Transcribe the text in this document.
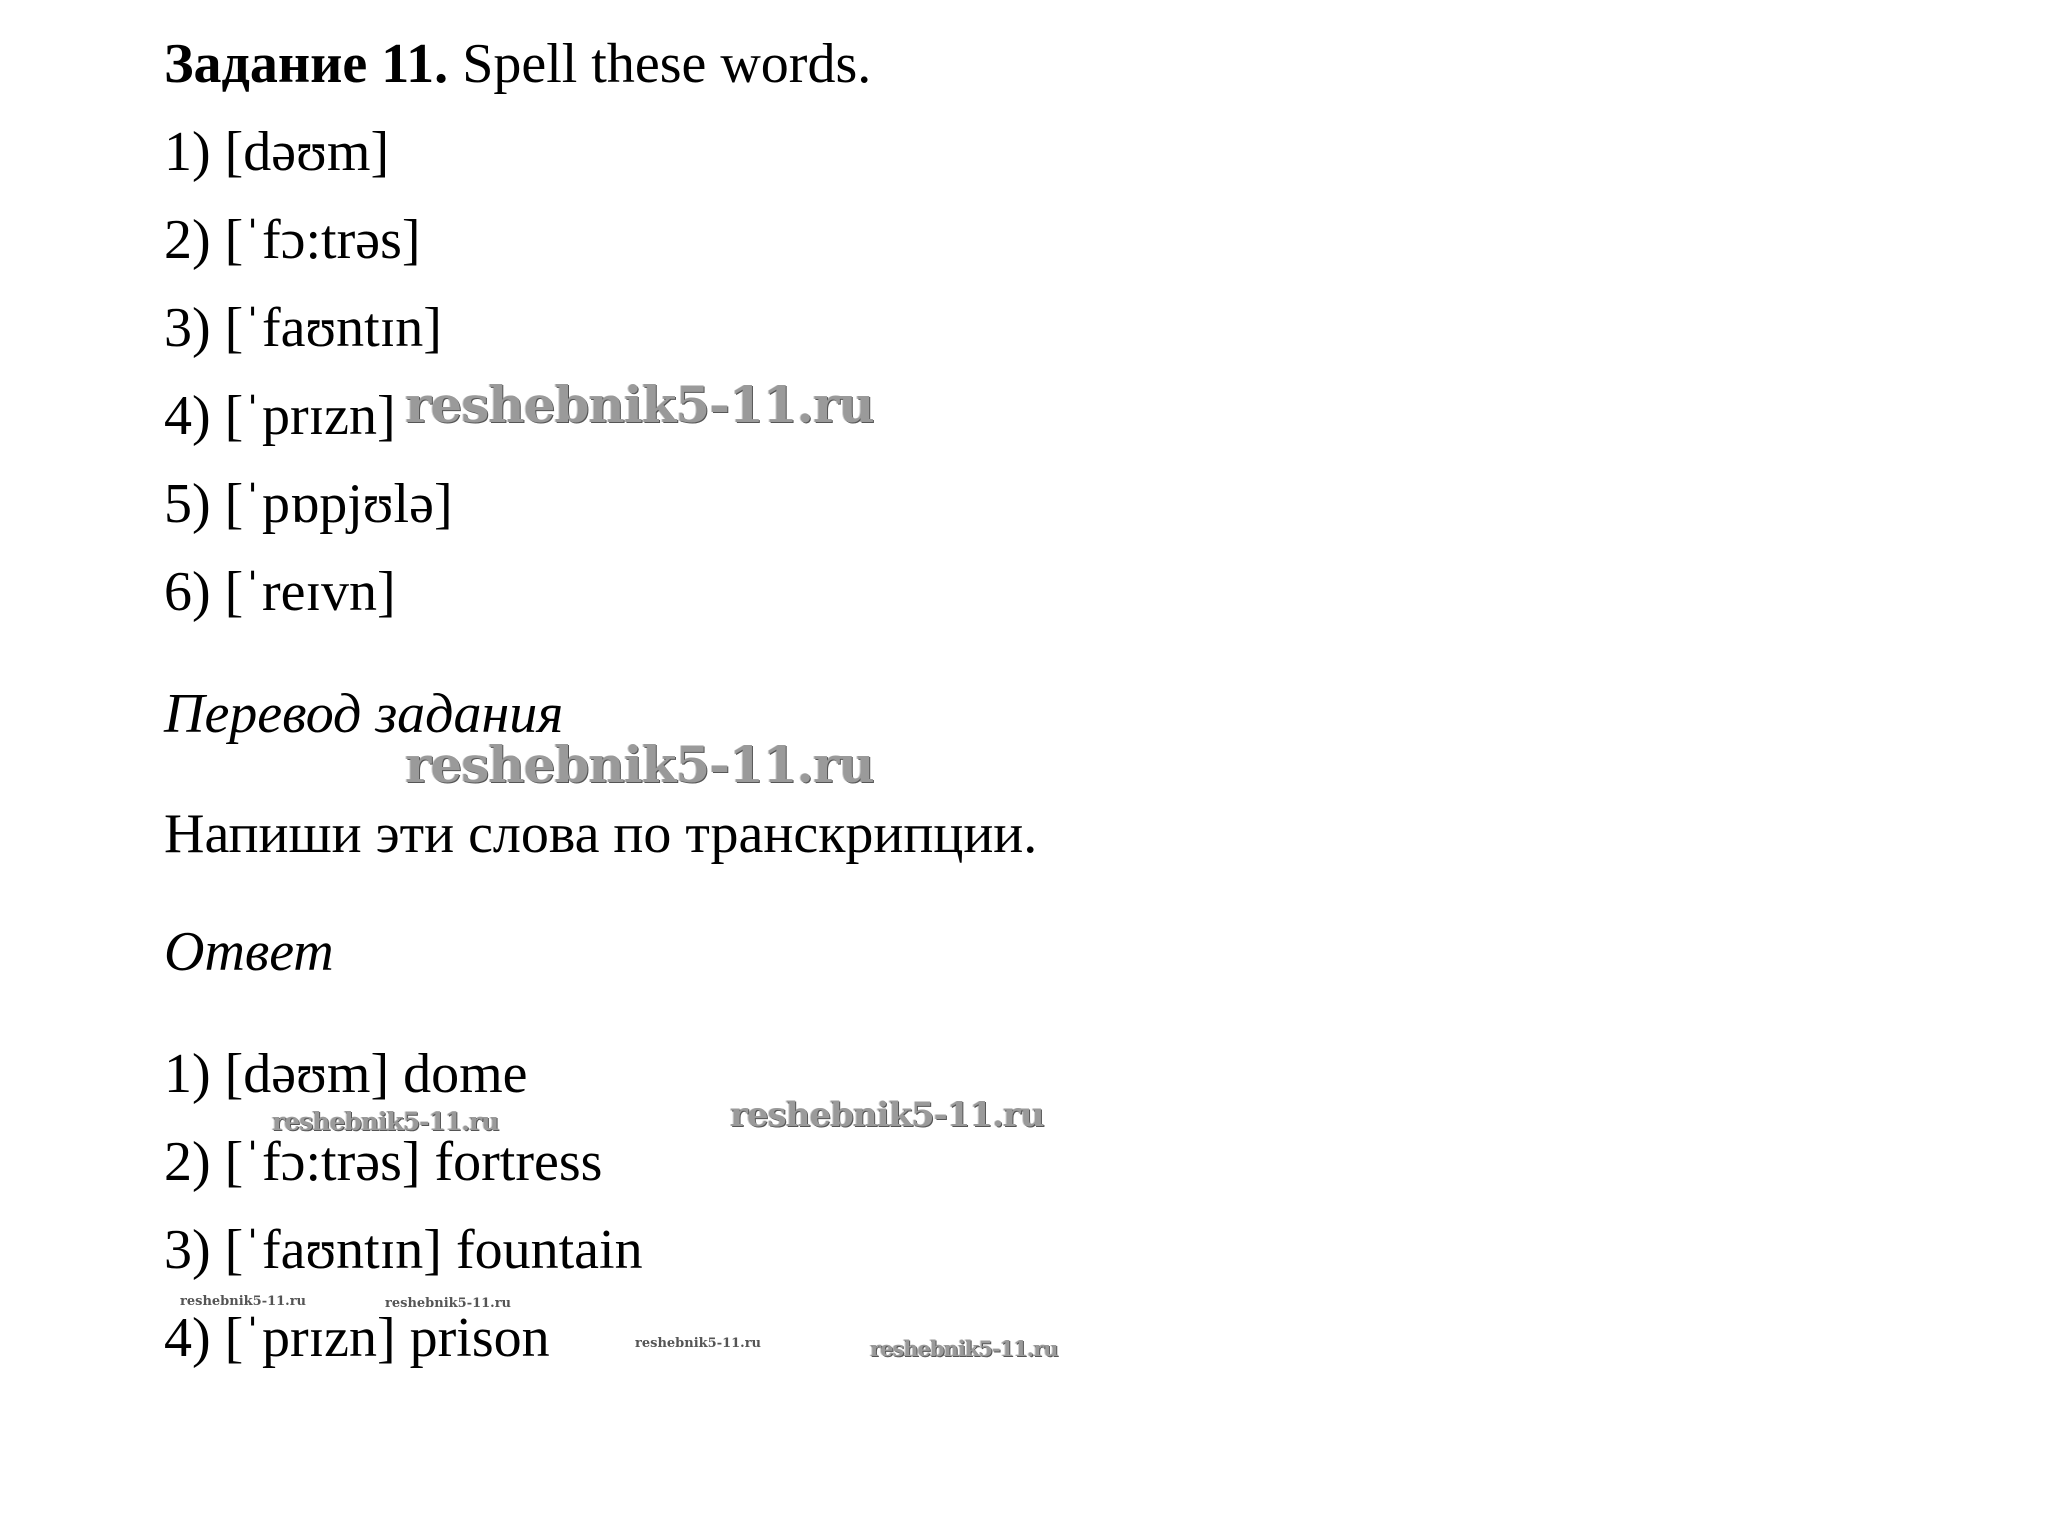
Задание 11. Spell these words.
1) [dəʊm]
2) [ˈfɔ:trəs]
3) [ˈfaʊntɪn]
4) [ˈprɪzn]
5) [ˈpɒpjʊlə]
6) [ˈreɪvn]
Перевод задания
Напиши эти слова по транскрипции.
Ответ
1) [dəʊm] dome
2) [ˈfɔ:trəs] fortress
3) [ˈfaʊntɪn] fountain
4) [ˈprɪzn] prison
reshebnik5-11.ru
reshebnik5-11.ru
reshebnik5-11.ru
reshebnik5-11.ru
reshebnik5-11.ru	reshebnik5-11.ru
reshebnik5-11.ru	reshebnik5-11.ru
